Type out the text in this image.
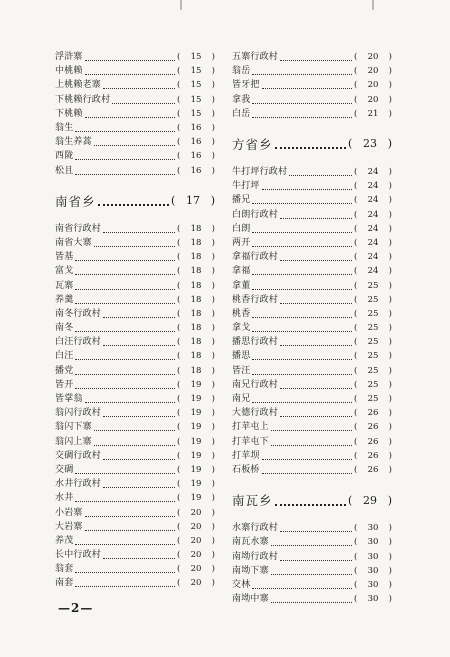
浮浒寨	( 15 )
中桃赖	( 15 )
上桃赖老寨	( 15 )
下桃赖行政村	( 15 )
下桃赖	( 15 )
翁生	( 16 )
翁生养蒿	( 16 )
西陇	( 16 )
松且	( 16 )
南省乡	( 17 )
南省行政村	( 18 )
南省大寨	( 18 )
皆基	( 18 )
富戈	( 18 )
瓦寨	( 18 )
养羹	( 18 )
南冬行政村	( 18 )
南冬	( 18 )
白汪行政村	( 18 )
白汪	( 18 )
播党	( 18 )
皆开	( 19 )
皆掌翁	( 19 )
翁闪行政村	( 19 )
翁闪下寨	( 19 )
翁闪上寨	( 19 )
交碉行政村	( 19 )
交碉	( 19 )
水井行政村	( 19 )
水井	( 19 )
小岩寨	( 20 )
大岩寨	( 20 )
养茂	( 20 )
长中行政村	( 20 )
翁套	( 20 )
南套	( 20 )
五寨行政村	( 20 )
翁岳	( 20 )
皆牙把	( 20 )
拿我	( 20 )
白岳	( 21 )
方省乡	( 23 )
牛打坪行政村	( 24 )
牛打坪	( 24 )
播兄	( 24 )
白朗行政村	( 24 )
白朗	( 24 )
两开	( 24 )
拿福行政村	( 24 )
拿福	( 24 )
拿董	( 25 )
桃香行政村	( 25 )
桃香	( 25 )
拿戈	( 25 )
播思行政村	( 25 )
播思	( 25 )
皆汪	( 25 )
南兄行政村	( 25 )
南兄	( 25 )
大德行政村	( 26 )
打苹屯上	( 26 )
打苹屯下	( 26 )
打苹坝	( 26 )
石板桥	( 26 )
南瓦乡	( 29 )
水寨行政村	( 30 )
南瓦水寨	( 30 )
南坳行政村	( 30 )
南坳下寨	( 30 )
交林	( 30 )
南坳中寨	( 30 )
—2—
